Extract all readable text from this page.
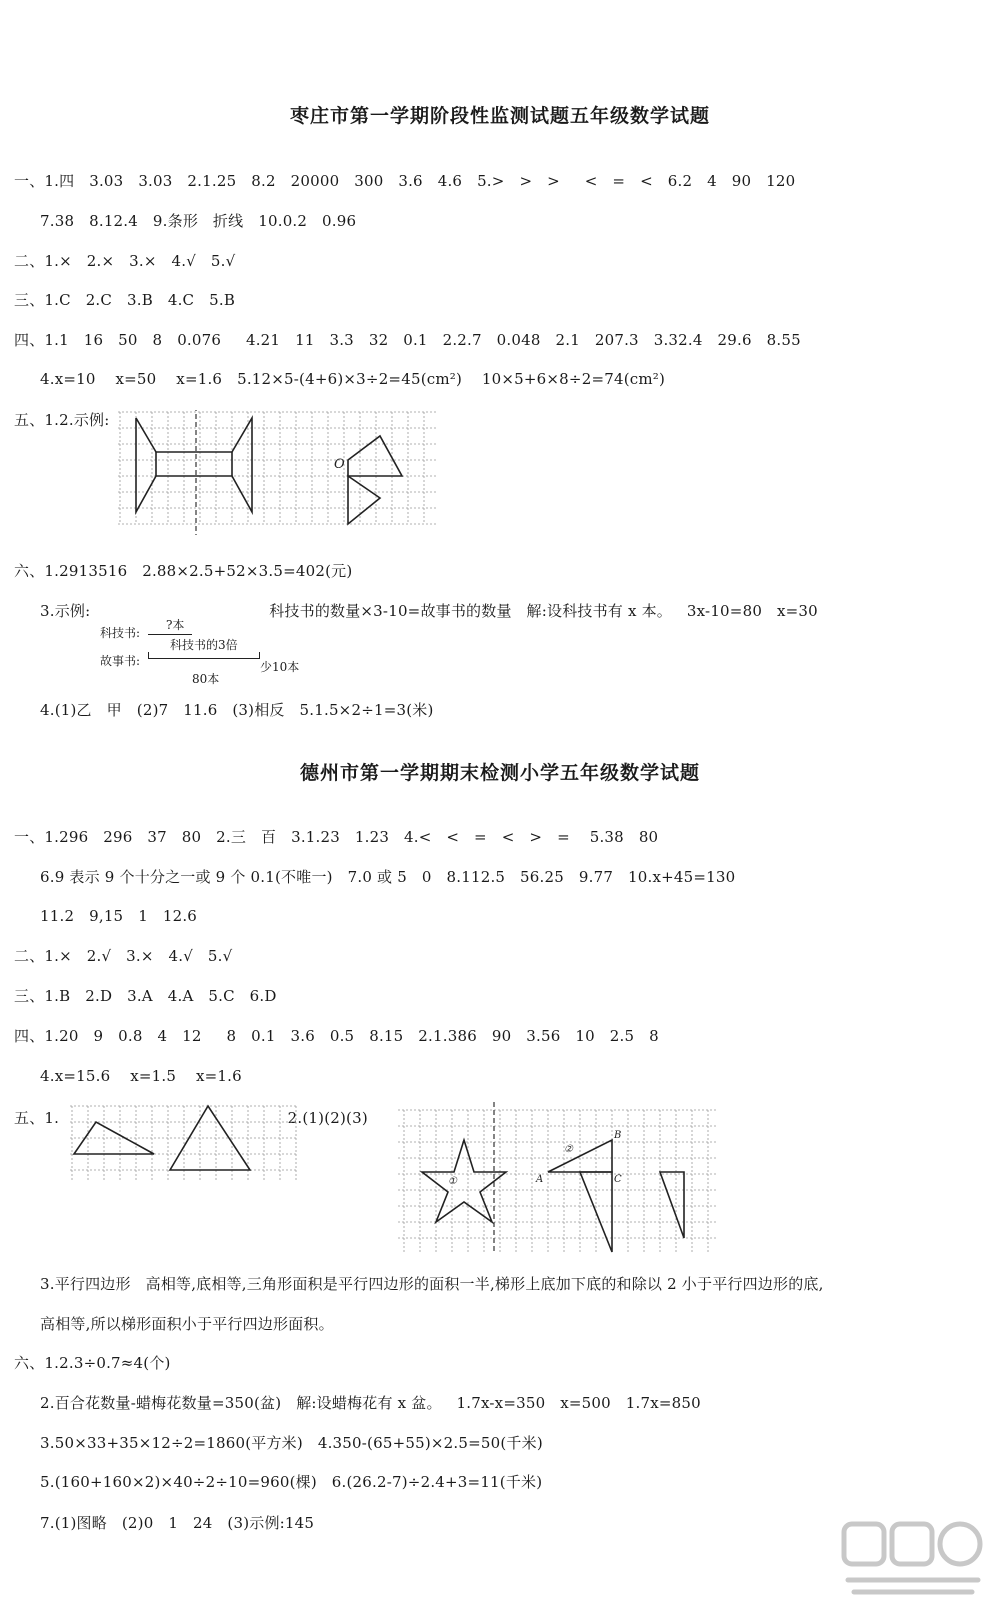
枣庄市第一学期阶段性监测试题五年级数学试题
一、1.四   3.03   3.03   2.1.25   8.2   20000   300   3.6   4.6   5.>   >   >     <   =   <   6.2   4   90   120
7.38   8.12.4   9.条形   折线   10.0.2   0.96
二、1.×   2.×   3.×   4.√   5.√
三、1.C   2.C   3.B   4.C   5.B
四、1.1   16   50   8   0.076     4.21   11   3.3   32   0.1   2.2.7   0.048   2.1   207.3   3.32.4   29.6   8.55
4.x=10    x=50    x=1.6   5.12×5-(4+6)×3÷2=45(cm²)    10×5+6×8÷2=74(cm²)
五、1.2.示例:
O
六、1.2913516   2.88×2.5+52×3.5=402(元)
3.示例:                                    科技书的数量×3-10=故事书的数量   解:设科技书有 x 本。   3x-10=80   x=30
科技书:
?本
科技书的3倍
故事书:	少10本
80本
4.(1)乙   甲   (2)7   11.6   (3)相反   5.1.5×2÷1=3(米)
德州市第一学期期末检测小学五年级数学试题
一、1.296   296   37   80   2.三   百   3.1.23   1.23   4.<   <   =   <   >   =    5.38   80
6.9 表示 9 个十分之一或 9 个 0.1(不唯一)   7.0 或 5   0   8.112.5   56.25   9.77   10.x+45=130
11.2   9,15   1   12.6
二、1.×   2.√   3.×   4.√   5.√
三、1.B   2.D   3.A   4.A   5.C   6.D
四、1.20   9   0.8   4   12     8   0.1   3.6   0.5   8.15   2.1.386   90   3.56   10   2.5   8
4.x=15.6    x=1.5    x=1.6
五、1.                                              2.(1)(2)(3)
①
②
A
B
C
3.平行四边形   高相等,底相等,三角形面积是平行四边形的面积一半,梯形上底加下底的和除以 2 小于平行四边形的底,
高相等,所以梯形面积小于平行四边形面积。
六、1.2.3÷0.7≈4(个)
2.百合花数量-蜡梅花数量=350(盆)   解:设蜡梅花有 x 盆。   1.7x-x=350   x=500   1.7x=850
3.50×33+35×12÷2=1860(平方米)   4.350-(65+55)×2.5=50(千米)
5.(160+160×2)×40÷2÷10=960(棵)   6.(26.2-7)÷2.4+3=11(千米)
7.(1)图略   (2)0   1   24   (3)示例:145
